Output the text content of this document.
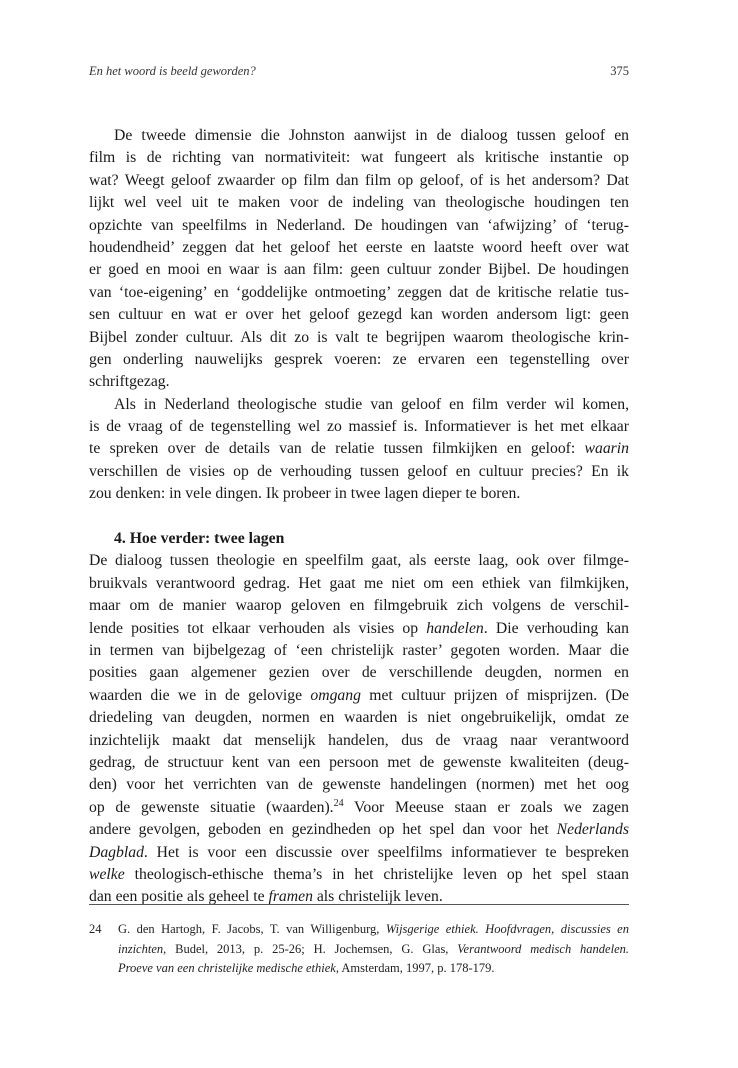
En het woord is beeld geworden?	375
De tweede dimensie die Johnston aanwijst in de dialoog tussen geloof en
film is de richting van normativiteit: wat fungeert als kritische instantie op
wat? Weegt geloof zwaarder op film dan film op geloof, of is het andersom? Dat
lijkt wel veel uit te maken voor de indeling van theologische houdingen ten
opzichte van speelfilms in Nederland. De houdingen van ‘afwijzing’ of ‘terug-
houdendheid’ zeggen dat het geloof het eerste en laatste woord heeft over wat
er goed en mooi en waar is aan film: geen cultuur zonder Bijbel. De houdingen
van ‘toe-eigening’ en ‘goddelijke ontmoeting’ zeggen dat de kritische relatie tus-
sen cultuur en wat er over het geloof gezegd kan worden andersom ligt: geen
Bijbel zonder cultuur. Als dit zo is valt te begrijpen waarom theologische krin-
gen onderling nauwelijks gesprek voeren: ze ervaren een tegenstelling over
schriftgezag.
Als in Nederland theologische studie van geloof en film verder wil komen,
is de vraag of de tegenstelling wel zo massief is. Informatiever is het met elkaar
te spreken over de details van de relatie tussen filmkijken en geloof: waarin
verschillen de visies op de verhouding tussen geloof en cultuur precies? En ik
zou denken: in vele dingen. Ik probeer in twee lagen dieper te boren.
4. Hoe verder: twee lagen
De dialoog tussen theologie en speelfilm gaat, als eerste laag, ook over filmge-
bruikvals verantwoord gedrag. Het gaat me niet om een ethiek van filmkijken,
maar om de manier waarop geloven en filmgebruik zich volgens de verschil-
lende posities tot elkaar verhouden als visies op handelen. Die verhouding kan
in termen van bijbelgezag of ‘een christelijk raster’ gegoten worden. Maar die
posities gaan algemener gezien over de verschillende deugden, normen en
waarden die we in de gelovige omgang met cultuur prijzen of misprijzen. (De
driedeling van deugden, normen en waarden is niet ongebruikelijk, omdat ze
inzichtelijk maakt dat menselijk handelen, dus de vraag naar verantwoord
gedrag, de structuur kent van een persoon met de gewenste kwaliteiten (deug-
den) voor het verrichten van de gewenste handelingen (normen) met het oog
op de gewenste situatie (waarden).$^{24}$ Voor Meeuse staan er zoals we zagen
andere gevolgen, geboden en gezindheden op het spel dan voor het Nederlands
Dagblad. Het is voor een discussie over speelfilms informatiever te bespreken
welke theologisch-ethische thema’s in het christelijke leven op het spel staan
dan een positie als geheel te framen als christelijk leven.
24 G. den Hartogh, F. Jacobs, T. van Willigenburg, Wijsgerige ethiek. Hoofdvragen, discussies en
inzichten, Budel, 2013, p. 25-26; H. Jochemsen, G. Glas, Verantwoord medisch handelen.
Proeve van een christelijke medische ethiek, Amsterdam, 1997, p. 178-179.
